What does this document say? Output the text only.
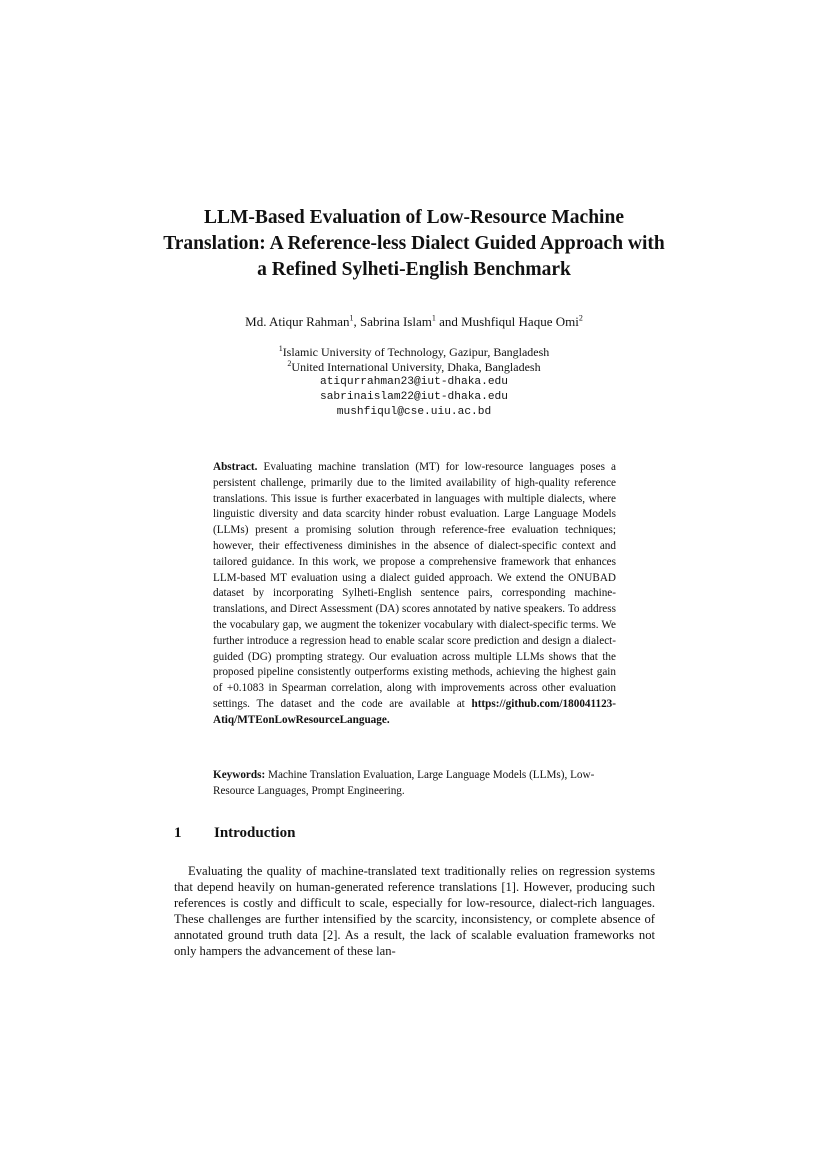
LLM-Based Evaluation of Low-Resource Machine Translation: A Reference-less Dialect Guided Approach with a Refined Sylheti-English Benchmark
Md. Atiqur Rahman$^1$, Sabrina Islam$^1$ and Mushfiqul Haque Omi$^2$
$^1$Islamic University of Technology, Gazipur, Bangladesh
$^2$United International University, Dhaka, Bangladesh
atiqurrahman23@iut-dhaka.edu
sabrinaislam22@iut-dhaka.edu
mushfiqul@cse.uiu.ac.bd
Abstract. Evaluating machine translation (MT) for low-resource languages poses a persistent challenge, primarily due to the limited availability of high-quality reference translations. This issue is further exacerbated in languages with multiple dialects, where linguistic diversity and data scarcity hinder robust evaluation. Large Language Models (LLMs) present a promising solution through reference-free evaluation techniques; however, their effectiveness diminishes in the absence of dialect-specific context and tailored guidance. In this work, we propose a comprehensive framework that enhances LLM-based MT evaluation using a dialect guided approach. We extend the ONUBAD dataset by incorporating Sylheti-English sentence pairs, corresponding machine-translations, and Direct Assessment (DA) scores annotated by native speakers. To address the vocabulary gap, we augment the tokenizer vocabulary with dialect-specific terms. We further introduce a regression head to enable scalar score prediction and design a dialect-guided (DG) prompting strategy. Our evaluation across multiple LLMs shows that the proposed pipeline consistently outperforms existing methods, achieving the highest gain of +0.1083 in Spearman correlation, along with improvements across other evaluation settings. The dataset and the code are available at https://github.com/180041123-Atiq/MTEonLowResourceLanguage.
Keywords: Machine Translation Evaluation, Large Language Models (LLMs), Low-Resource Languages, Prompt Engineering.
1 Introduction
Evaluating the quality of machine-translated text traditionally relies on regression systems that depend heavily on human-generated reference translations [1]. However, producing such references is costly and difficult to scale, especially for low-resource, dialect-rich languages. These challenges are further intensified by the scarcity, inconsistency, or complete absence of annotated ground truth data [2]. As a result, the lack of scalable evaluation frameworks not only hampers the advancement of these lan-
